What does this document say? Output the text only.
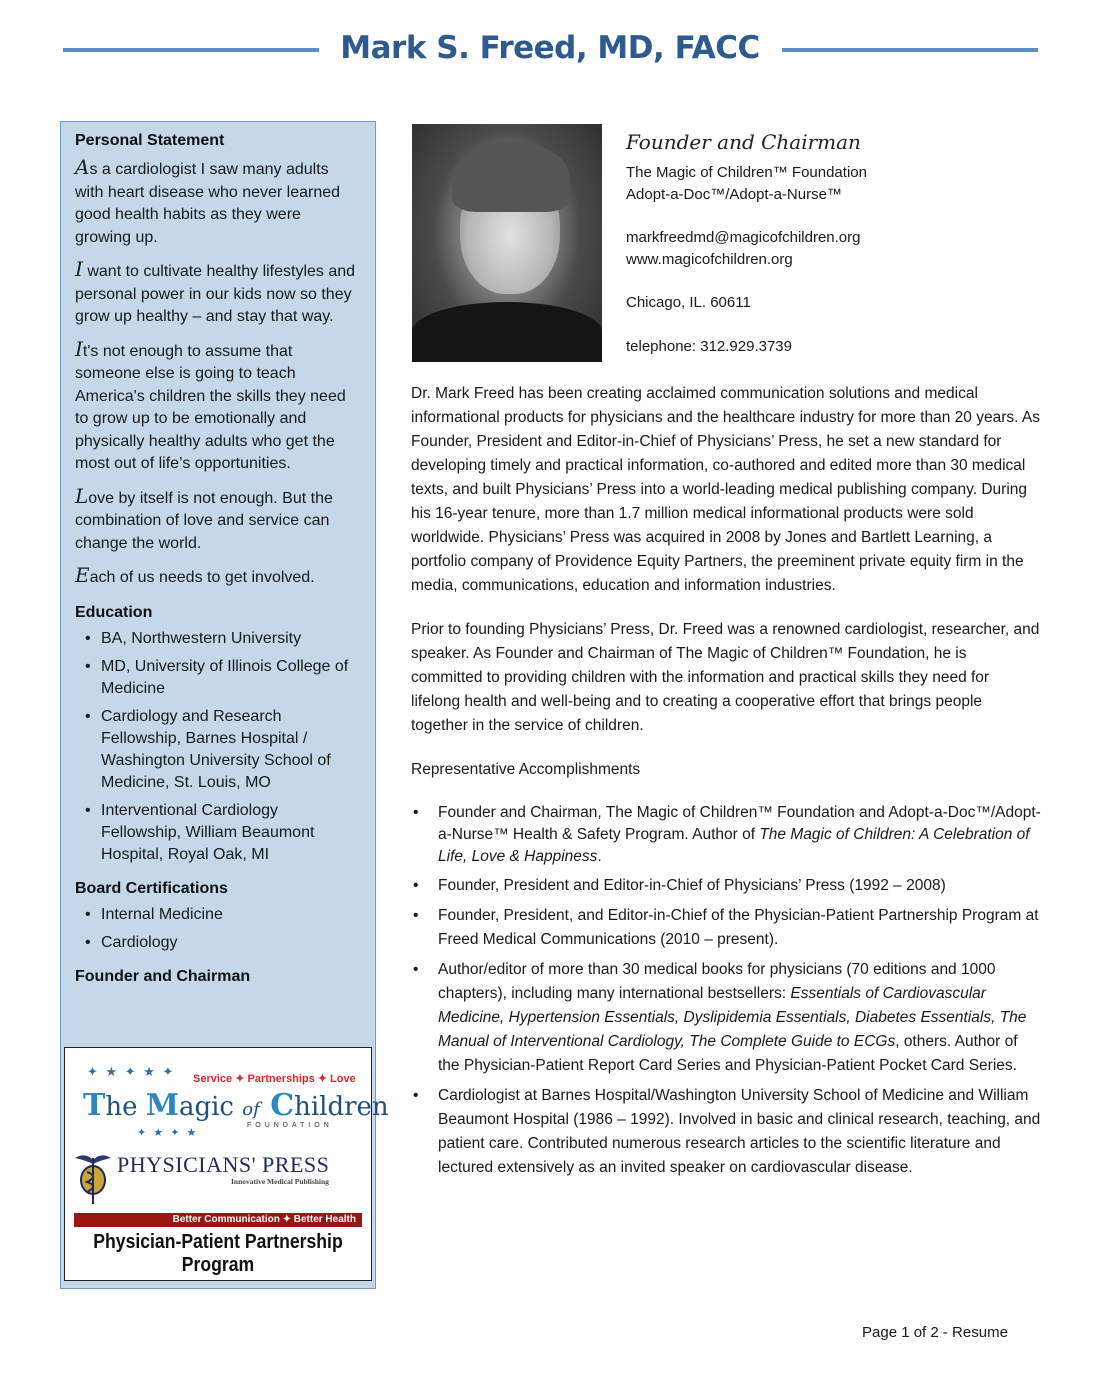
Mark S. Freed, MD, FACC
Personal Statement

As a cardiologist I saw many adults with heart disease who never learned good health habits as they were growing up.

I want to cultivate healthy lifestyles and personal power in our kids now so they grow up healthy – and stay that way.

It's not enough to assume that someone else is going to teach America's children the skills they need to grow up to be emotionally and physically healthy adults who get the most out of life’s opportunities.

Love by itself is not enough. But the combination of love and service can change the world.

Each of us needs to get involved.

Education
• BA, Northwestern University
• MD, University of Illinois College of Medicine
• Cardiology and Research Fellowship, Barnes Hospital / Washington University School of Medicine, St. Louis, MO
• Interventional Cardiology Fellowship, William Beaumont Hospital, Royal Oak, MI
Board Certifications
• Internal Medicine
• Cardiology
Founder and Chairman
✦ ★ ✦ ★ ✦ Service ✦ Partnerships ✦ Love
The Magic of Children
✦ ★ ✦ ★
FOUNDATION
PHYSICIANS' PRESS
Innovative Medical Publishing
Better Communication ✦ Better Health
Physician-Patient Partnership Program
Founder and Chairman
The Magic of Children™ Foundation
Adopt-a-Doc™/Adopt-a-Nurse™
markfreedmd@magicofchildren.org
www.magicofchildren.org
Chicago, IL. 60611
telephone: 312.929.3739

Dr. Mark Freed has been creating acclaimed communication solutions and medical informational products for physicians and the healthcare industry for more than 20 years. As Founder, President and Editor-in-Chief of Physicians’ Press, he set a new standard for developing timely and practical information, co-authored and edited more than 30 medical texts, and built Physicians’ Press into a world-leading medical publishing company. During his 16-year tenure, more than 1.7 million medical informational products were sold worldwide. Physicians’ Press was acquired in 2008 by Jones and Bartlett Learning, a portfolio company of Providence Equity Partners, the preeminent private equity firm in the media, communications, education and information industries.

Prior to founding Physicians’ Press, Dr. Freed was a renowned cardiologist, researcher, and speaker. As Founder and Chairman of The Magic of Children™ Foundation, he is committed to providing children with the information and practical skills they need for lifelong health and well-being and to creating a cooperative effort that brings people together in the service of children.

Representative Accomplishments
• Founder and Chairman, The Magic of Children™ Foundation and Adopt-a-Doc™/Adopt-a-Nurse™ Health & Safety Program. Author of The Magic of Children: A Celebration of Life, Love & Happiness.
• Founder, President and Editor-in-Chief of Physicians’ Press (1992 – 2008)
• Founder, President, and Editor-in-Chief of the Physician-Patient Partnership Program at Freed Medical Communications (2010 – present).
• Author/editor of more than 30 medical books for physicians (70 editions and 1000 chapters), including many international bestsellers: Essentials of Cardiovascular Medicine, Hypertension Essentials, Dyslipidemia Essentials, Diabetes Essentials, The Manual of Interventional Cardiology, The Complete Guide to ECGs, others. Author of the Physician-Patient Report Card Series and Physician-Patient Pocket Card Series.
• Cardiologist at Barnes Hospital/Washington University School of Medicine and William Beaumont Hospital (1986 – 1992). Involved in basic and clinical research, teaching, and patient care. Contributed numerous research articles to the scientific literature and lectured extensively as an invited speaker on cardiovascular disease.
Page 1 of 2 - Resume
